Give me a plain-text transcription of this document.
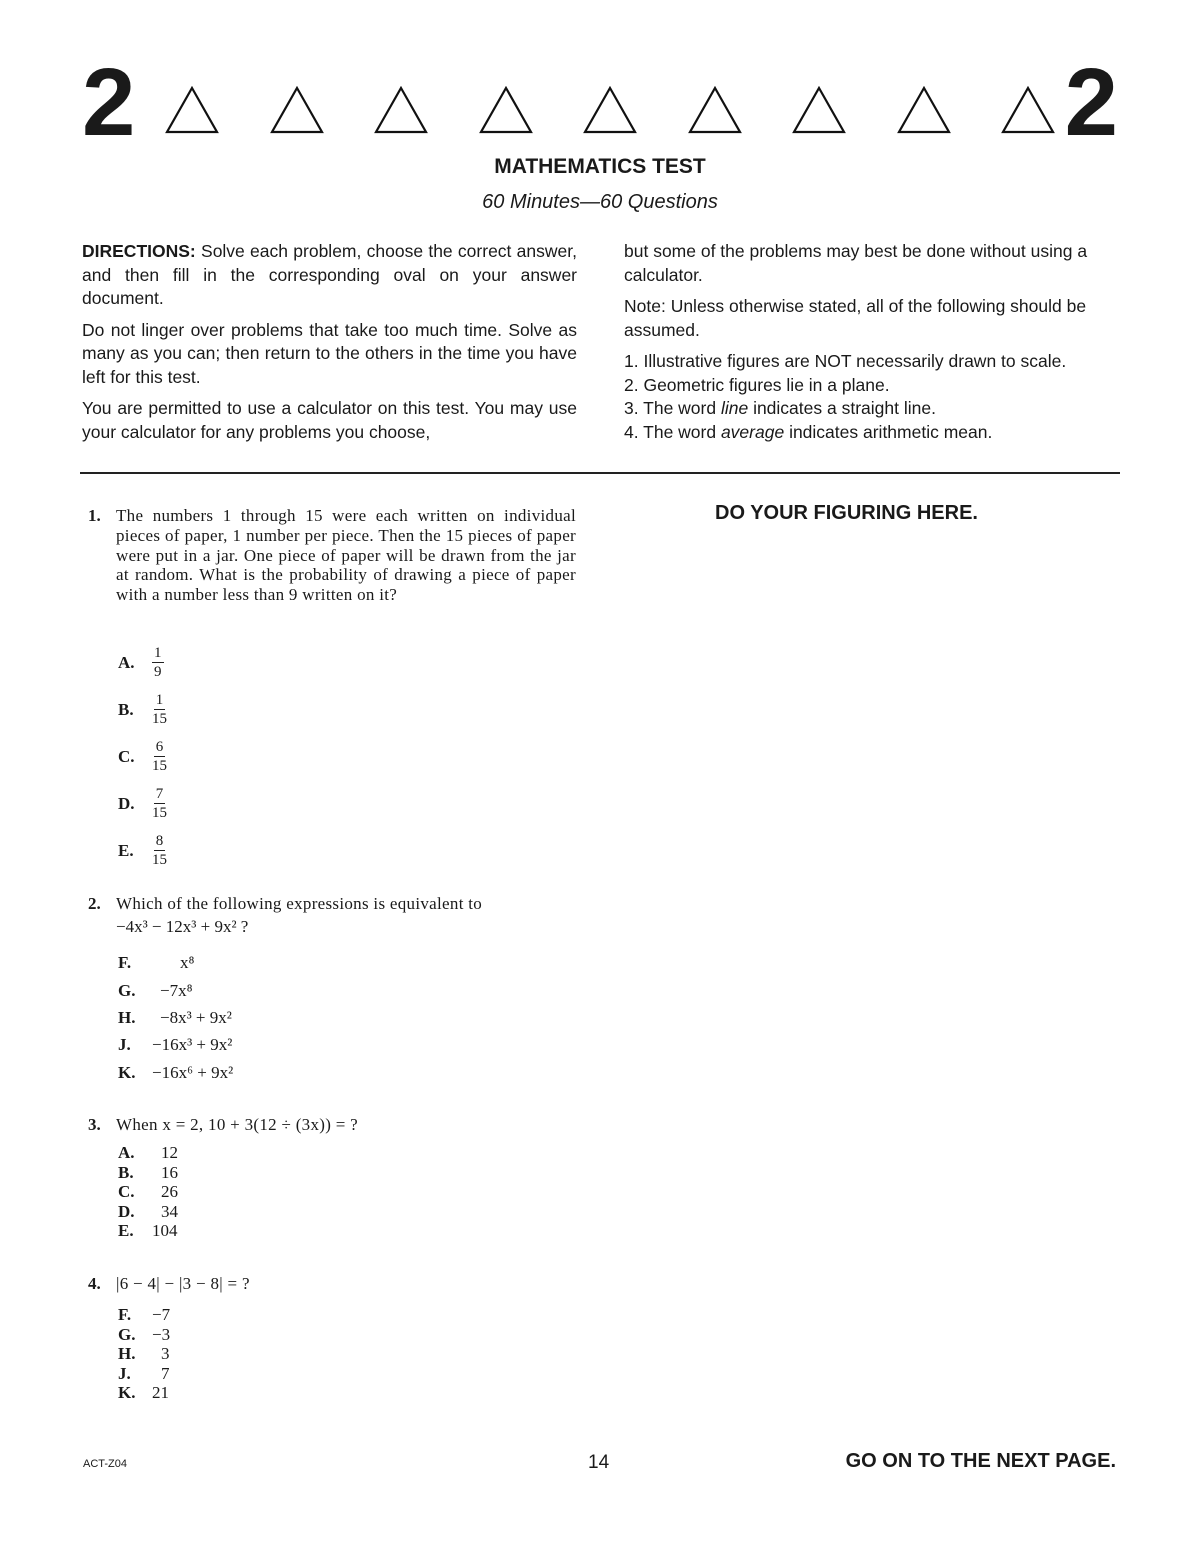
2	2
MATHEMATICS TEST
60 Minutes—60 Questions

DIRECTIONS: Solve each problem, choose the correct answer, and then fill in the corresponding oval on your answer document.

Do not linger over problems that take too much time. Solve as many as you can; then return to the others in the time you have left for this test.

You are permitted to use a calculator on this test. You may use your calculator for any problems you choose,

but some of the problems may best be done without using a calculator.

Note: Unless otherwise stated, all of the following should be assumed.

1. Illustrative figures are NOT necessarily drawn to scale.
2. Geometric figures lie in a plane.
3. The word line indicates a straight line.
4. The word average indicates arithmetic mean.
DO YOUR FIGURING HERE.
1. The numbers 1 through 15 were each written on individual pieces of paper, 1 number per piece. Then the 15 pieces of paper were put in a jar. One piece of paper will be drawn from the jar at random. What is the probability of drawing a piece of paper with a number less than 9 written on it?
A.	$\frac{1}{9}$
B.	$\frac{1}{15}$
C.	$\frac{6}{15}$
D.	$\frac{7}{15}$
E.	$\frac{8}{15}$
2. Which of the following expressions is equivalent to
−4x³ − 12x³ + 9x² ?
F.	x⁸
G.	−7x⁸
H.	−8x³ + 9x²
J.	−16x³ + 9x²
K. −16x⁶ + 9x²
3. When x = 2, 10 + 3(12 ÷ (3x)) = ?
A.	12
B.	16
C.	26
D.	34
E.	104
4. |6 − 4| − |3 − 8| = ?
F.	−7
G. −3
H.	3
J.	7
K. 21
ACT-Z04	14	GO ON TO THE NEXT PAGE.
